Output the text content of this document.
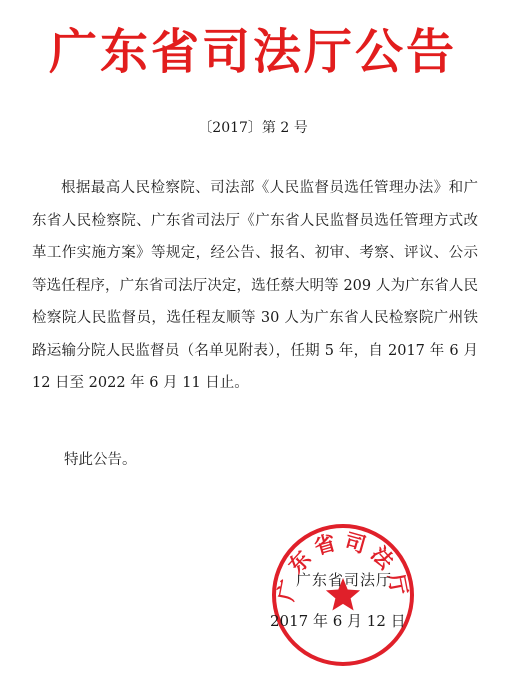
广东省司法厅公告
〔2017〕第 2 号

根据最高人民检察院、司法部《人民监督员选任管理办法》和广东省人民检察院、广东省司法厅《广东省人民监督员选任管理方式改革工作实施方案》等规定，经公告、报名、初审、考察、评议、公示等选任程序，广东省司法厅决定，选任蔡大明等 209 人为广东省人民检察院人民监督员，选任程友顺等 30 人为广东省人民检察院广州铁路运输分院人民监督员（名单见附表），任期 5 年，自 2017 年 6 月 12 日至 2022 年 6 月 11 日止。

特此公告。
广东省司法厅
广东省司法厅
2017 年 6 月 12 日
